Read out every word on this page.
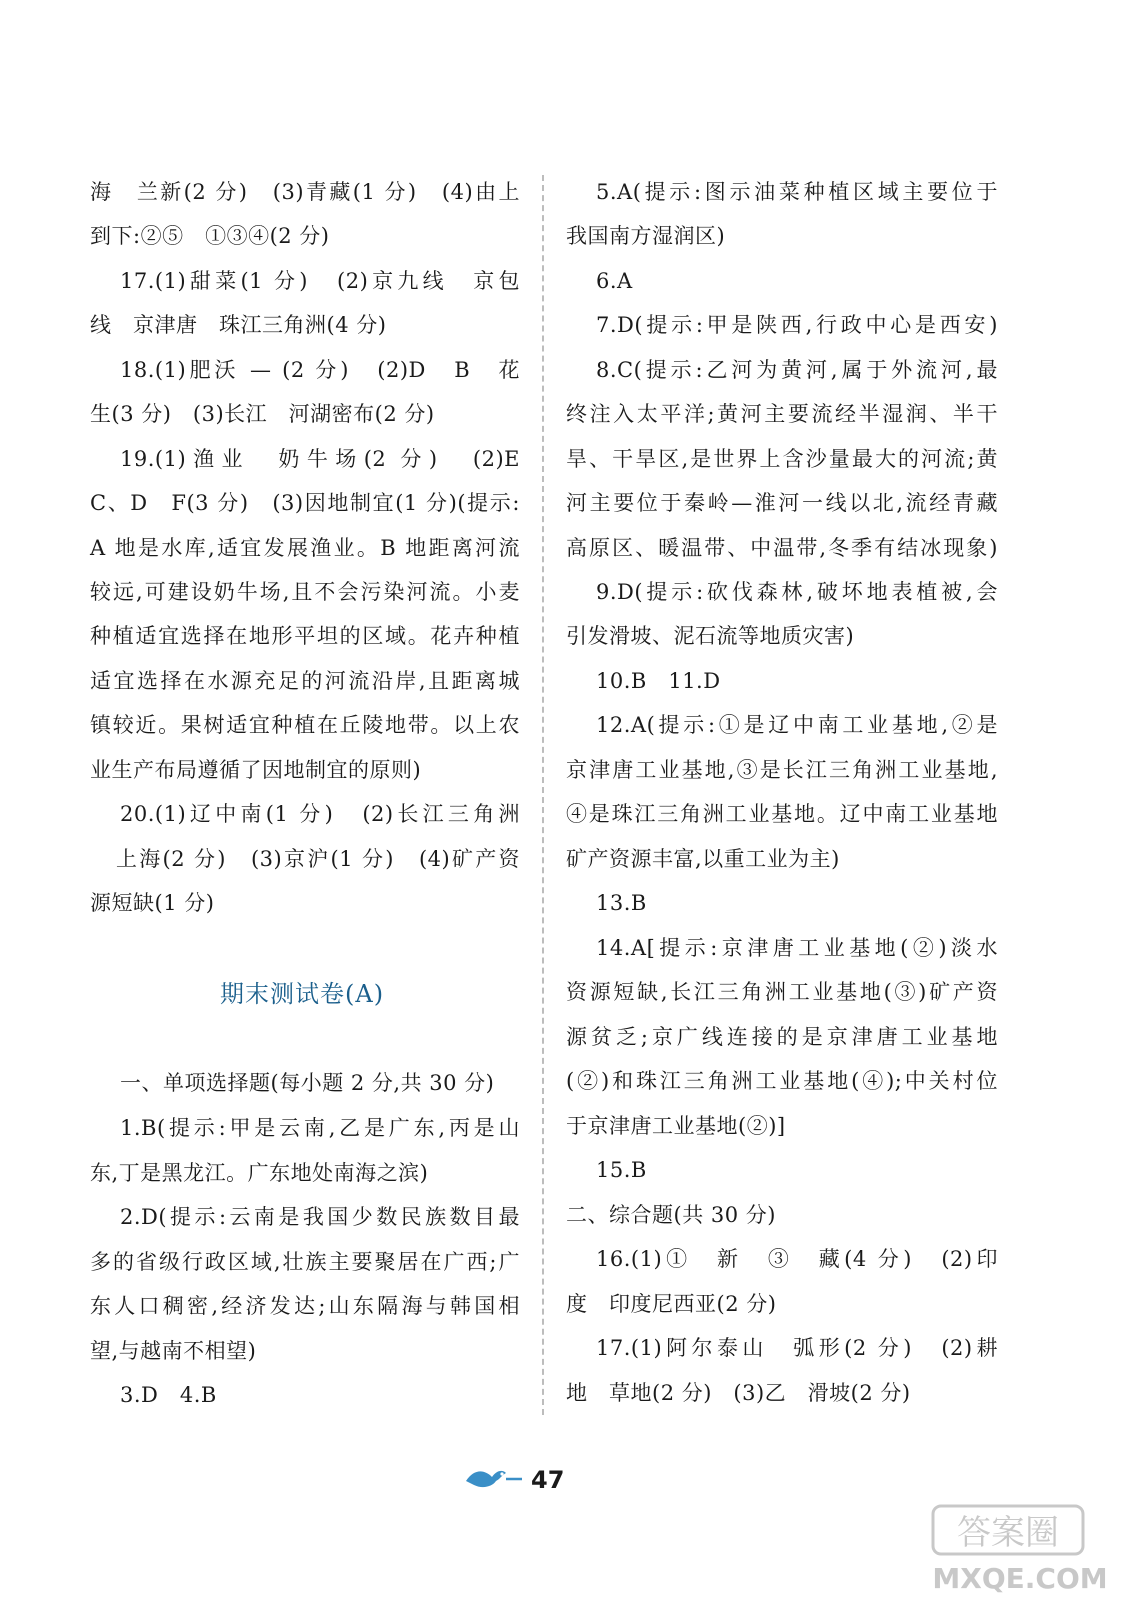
海　兰新(2 分)　(3)青藏(1 分)　(4)由上
到下:②⑤　①③④(2 分)
17.(1)甜菜(1 分)　(2)京九线　京包
线　京津唐　珠江三角洲(4 分)
18.(1)肥沃 — (2 分)　(2)D　B　花
生(3 分)　(3)长江　河湖密布(2 分)
19.(1)渔业　奶牛场(2 分)　(2)E
C、D　F(3 分)　(3)因地制宜(1 分)(提示:
A 地是水库,适宜发展渔业。B 地距离河流
较远,可建设奶牛场,且不会污染河流。小麦
种植适宜选择在地形平坦的区域。花卉种植
适宜选择在水源充足的河流沿岸,且距离城
镇较近。果树适宜种植在丘陵地带。以上农
业生产布局遵循了因地制宜的原则)
20.(1)辽中南(1 分)　(2)长江三角洲
上海(2 分)　(3)京沪(1 分)　(4)矿产资
源短缺(1 分)
一、单项选择题(每小题 2 分,共 30 分)
1.B(提示:甲是云南,乙是广东,丙是山
东,丁是黑龙江。广东地处南海之滨)
2.D(提示:云南是我国少数民族数目最
多的省级行政区域,壮族主要聚居在广西;广
东人口稠密,经济发达;山东隔海与韩国相
望,与越南不相望)
3.D　4.B
期末测试卷(A)
5.A(提示:图示油菜种植区域主要位于
我国南方湿润区)
6.A
7.D(提示:甲是陕西,行政中心是西安)
8.C(提示:乙河为黄河,属于外流河,最
终注入太平洋;黄河主要流经半湿润、半干
旱、干旱区,是世界上含沙量最大的河流;黄
河主要位于秦岭—淮河一线以北,流经青藏
高原区、暖温带、中温带,冬季有结冰现象)
9.D(提示:砍伐森林,破坏地表植被,会
引发滑坡、泥石流等地质灾害)
10.B　11.D
12.A(提示:①是辽中南工业基地,②是
京津唐工业基地,③是长江三角洲工业基地,
④是珠江三角洲工业基地。辽中南工业基地
矿产资源丰富,以重工业为主)
13.B
14.A[提示:京津唐工业基地(②)淡水
资源短缺,长江三角洲工业基地(③)矿产资
源贫乏;京广线连接的是京津唐工业基地
(②)和珠江三角洲工业基地(④);中关村位
于京津唐工业基地(②)]
15.B
二、综合题(共 30 分)
16.(1)①　新　③　藏(4 分)　(2)印
度　印度尼西亚(2 分)
17.(1)阿尔泰山　弧形(2 分)　(2)耕
地　草地(2 分)　(3)乙　滑坡(2 分)
47
答案圈
MXQE.COM
